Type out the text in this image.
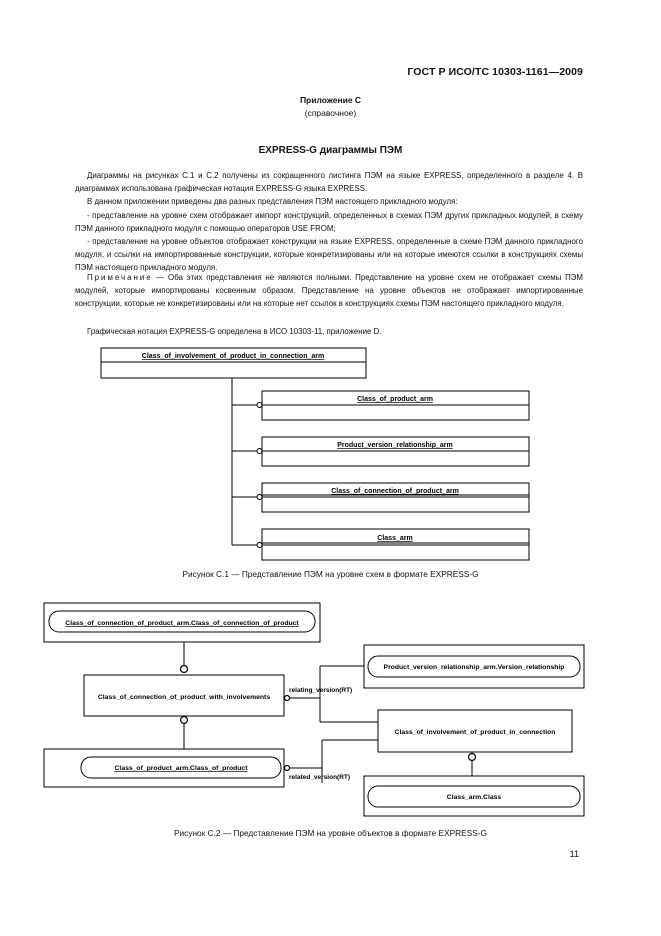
ГОСТ Р ИСО/ТС 10303-1161—2009
Приложение С
(справочное)
EXPRESS-G диаграммы ПЭМ

Диаграммы на рисунках С.1 и С.2 получены из сокращенного листинга ПЭМ на языке EXPRESS, определенного в разделе 4. В диаграммах использована графическая нотация EXPRESS-G языка EXPRESS.

В данном приложении приведены два разных представления ПЭМ настоящего прикладного модуля:

- представление на уровне схем отображает импорт конструкций, определенных в схемах ПЭМ других прикладных модулей, в схему ПЭМ данного прикладного модуля с помощью операторов USE FROM;

- представление на уровне объектов отображает конструкции на языке EXPRESS, определенные в схеме ПЭМ данного прикладного модуля, и ссылки на импортированные конструкции, которые конкретизированы или на которые имеются ссылки в конструкциях схемы ПЭМ настоящего прикладного модуля.

Примечание — Оба этих представления не являются полными. Представление на уровне схем не отображает схемы ПЭМ модулей, которые импортированы косвенным образом. Представление на уровне объектов не отображает импортированные конструкции, которые не конкретизированы или на которые нет ссылок в конструкциях схемы ПЭМ настоящего прикладного модуля.

Графическая нотация EXPRESS-G определена в ИСО 10303-11, приложение D.

Class_of_involvement_of_product_in_connection_arm
Class_of_product_arm
Product_version_relationship_arm
Class_of_connection_of_product_arm
Class_arm
Рисунок С.1 — Представление ПЭМ на уровне схем в формате EXPRESS-G
Class_of_connection_of_product_arm.Class_of_connection_of_product
Class_of_connection_of_product_with_involvements
Class_of_product_arm.Class_of_product
Product_version_relationship_arm.Version_relationship
Class_of_involvement_of_product_in_connection
Class_arm.Class
relating_version(RT)
related_version(RT)
Рисунок С.2 — Представление ПЭМ на уровне объектов в формате EXPRESS-G
11
